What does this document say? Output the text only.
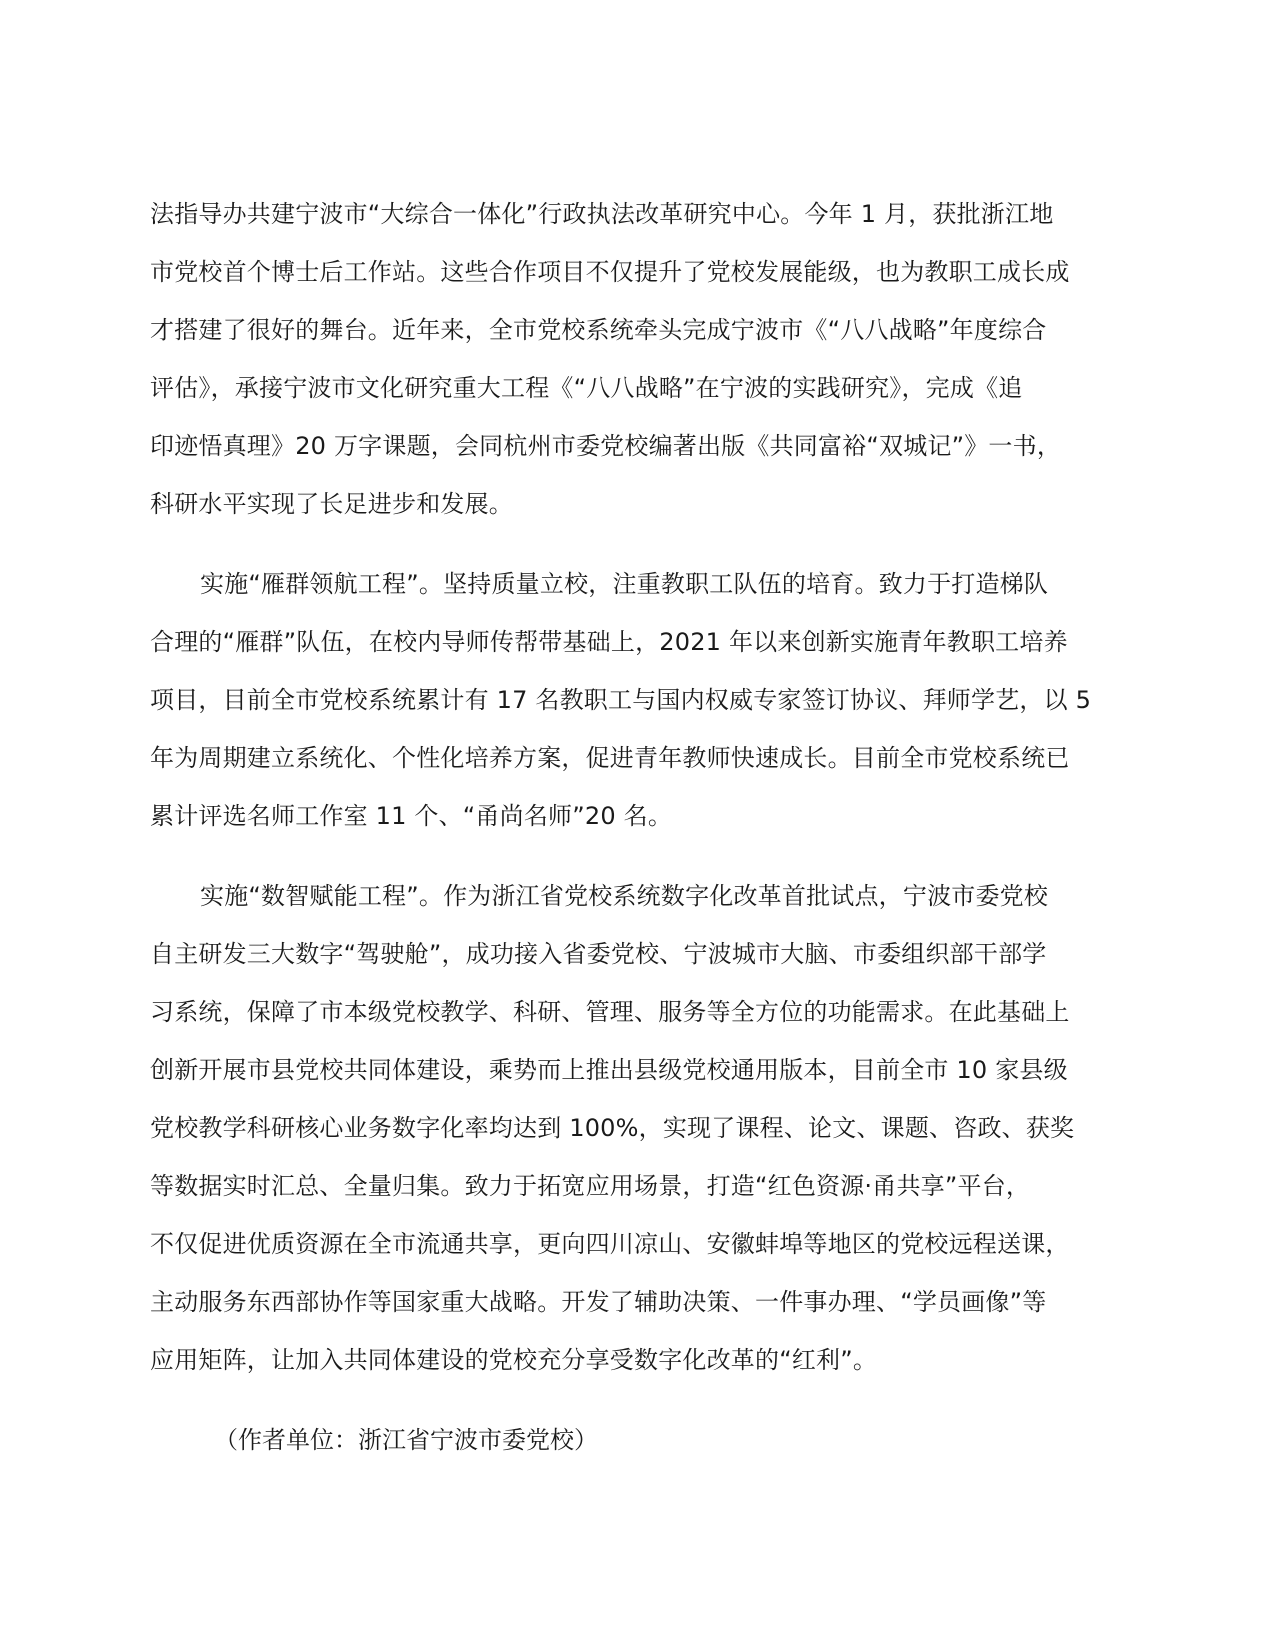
法指导办共建宁波市“大综合一体化”行政执法改革研究中心。今年 1 月，获批浙江地
市党校首个博士后工作站。这些合作项目不仅提升了党校发展能级，也为教职工成长成
才搭建了很好的舞台。近年来，全市党校系统牵头完成宁波市《“八八战略”年度综合
评估》，承接宁波市文化研究重大工程《“八八战略”在宁波的实践研究》，完成《追
印迹悟真理》20 万字课题，会同杭州市委党校编著出版《共同富裕“双城记”》一书，
科研水平实现了长足进步和发展。
实施“雁群领航工程”。坚持质量立校，注重教职工队伍的培育。致力于打造梯队
合理的“雁群”队伍，在校内导师传帮带基础上，2021 年以来创新实施青年教职工培养
项目，目前全市党校系统累计有 17 名教职工与国内权威专家签订协议、拜师学艺，以 5
年为周期建立系统化、个性化培养方案，促进青年教师快速成长。目前全市党校系统已
累计评选名师工作室 11 个、“甬尚名师”20 名。
实施“数智赋能工程”。作为浙江省党校系统数字化改革首批试点，宁波市委党校
自主研发三大数字“驾驶舱”，成功接入省委党校、宁波城市大脑、市委组织部干部学
习系统，保障了市本级党校教学、科研、管理、服务等全方位的功能需求。在此基础上
创新开展市县党校共同体建设，乘势而上推出县级党校通用版本，目前全市 10 家县级
党校教学科研核心业务数字化率均达到 100%，实现了课程、论文、课题、咨政、获奖
等数据实时汇总、全量归集。致力于拓宽应用场景，打造“红色资源·甬共享”平台，
不仅促进优质资源在全市流通共享，更向四川凉山、安徽蚌埠等地区的党校远程送课，
主动服务东西部协作等国家重大战略。开发了辅助决策、一件事办理、“学员画像”等
应用矩阵，让加入共同体建设的党校充分享受数字化改革的“红利”。
（作者单位：浙江省宁波市委党校）
